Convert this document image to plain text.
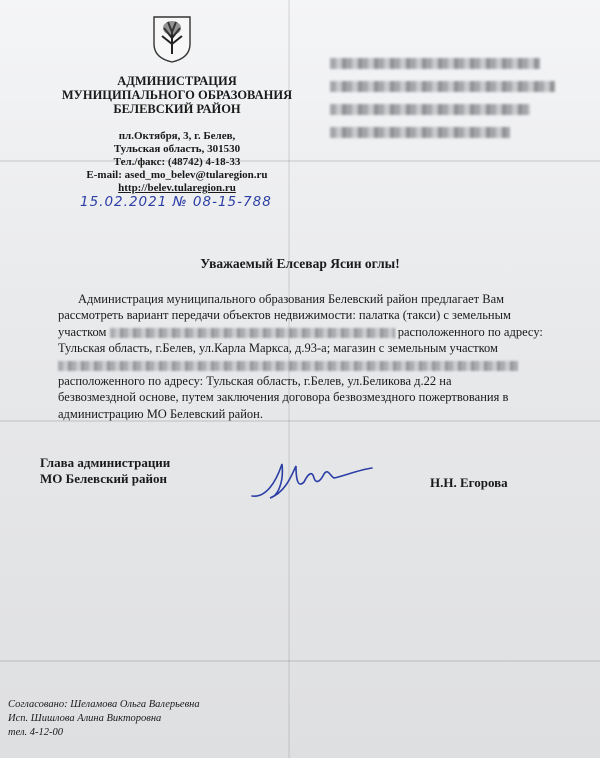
АДМИНИСТРАЦИЯ
МУНИЦИПАЛЬНОГО ОБРАЗОВАНИЯ
БЕЛЕВСКИЙ РАЙОН
пл.Октября, 3, г. Белев,
Тульская область, 301530
Тел./факс: (48742) 4-18-33
E-mail: ased_mo_belev@tularegion.ru
http://belev.tularegion.ru
15.02.2021 № 08-15-788
Уважаемый Елсевар Ясин оглы!
Администрация муниципального образования Белевский район предлагает Вам
рассмотреть вариант передачи объектов недвижимости: палатка (такси) с земельным
участком	расположенного по адресу:
Тульская область, г.Белев, ул.Карла Маркса, д.93-а; магазин с земельным участком
расположенного по адресу: Тульская область, г.Белев, ул.Беликова д.22 на
безвозмездной основе, путем заключения договора безвозмездного пожертвования в
администрацию МО Белевский район.
Глава администрации
МО Белевский район	Н.Н. Егорова
Согласовано: Шеламова Ольга Валерьевна
Исп. Шишлова Алина Викторовна
тел. 4-12-00
